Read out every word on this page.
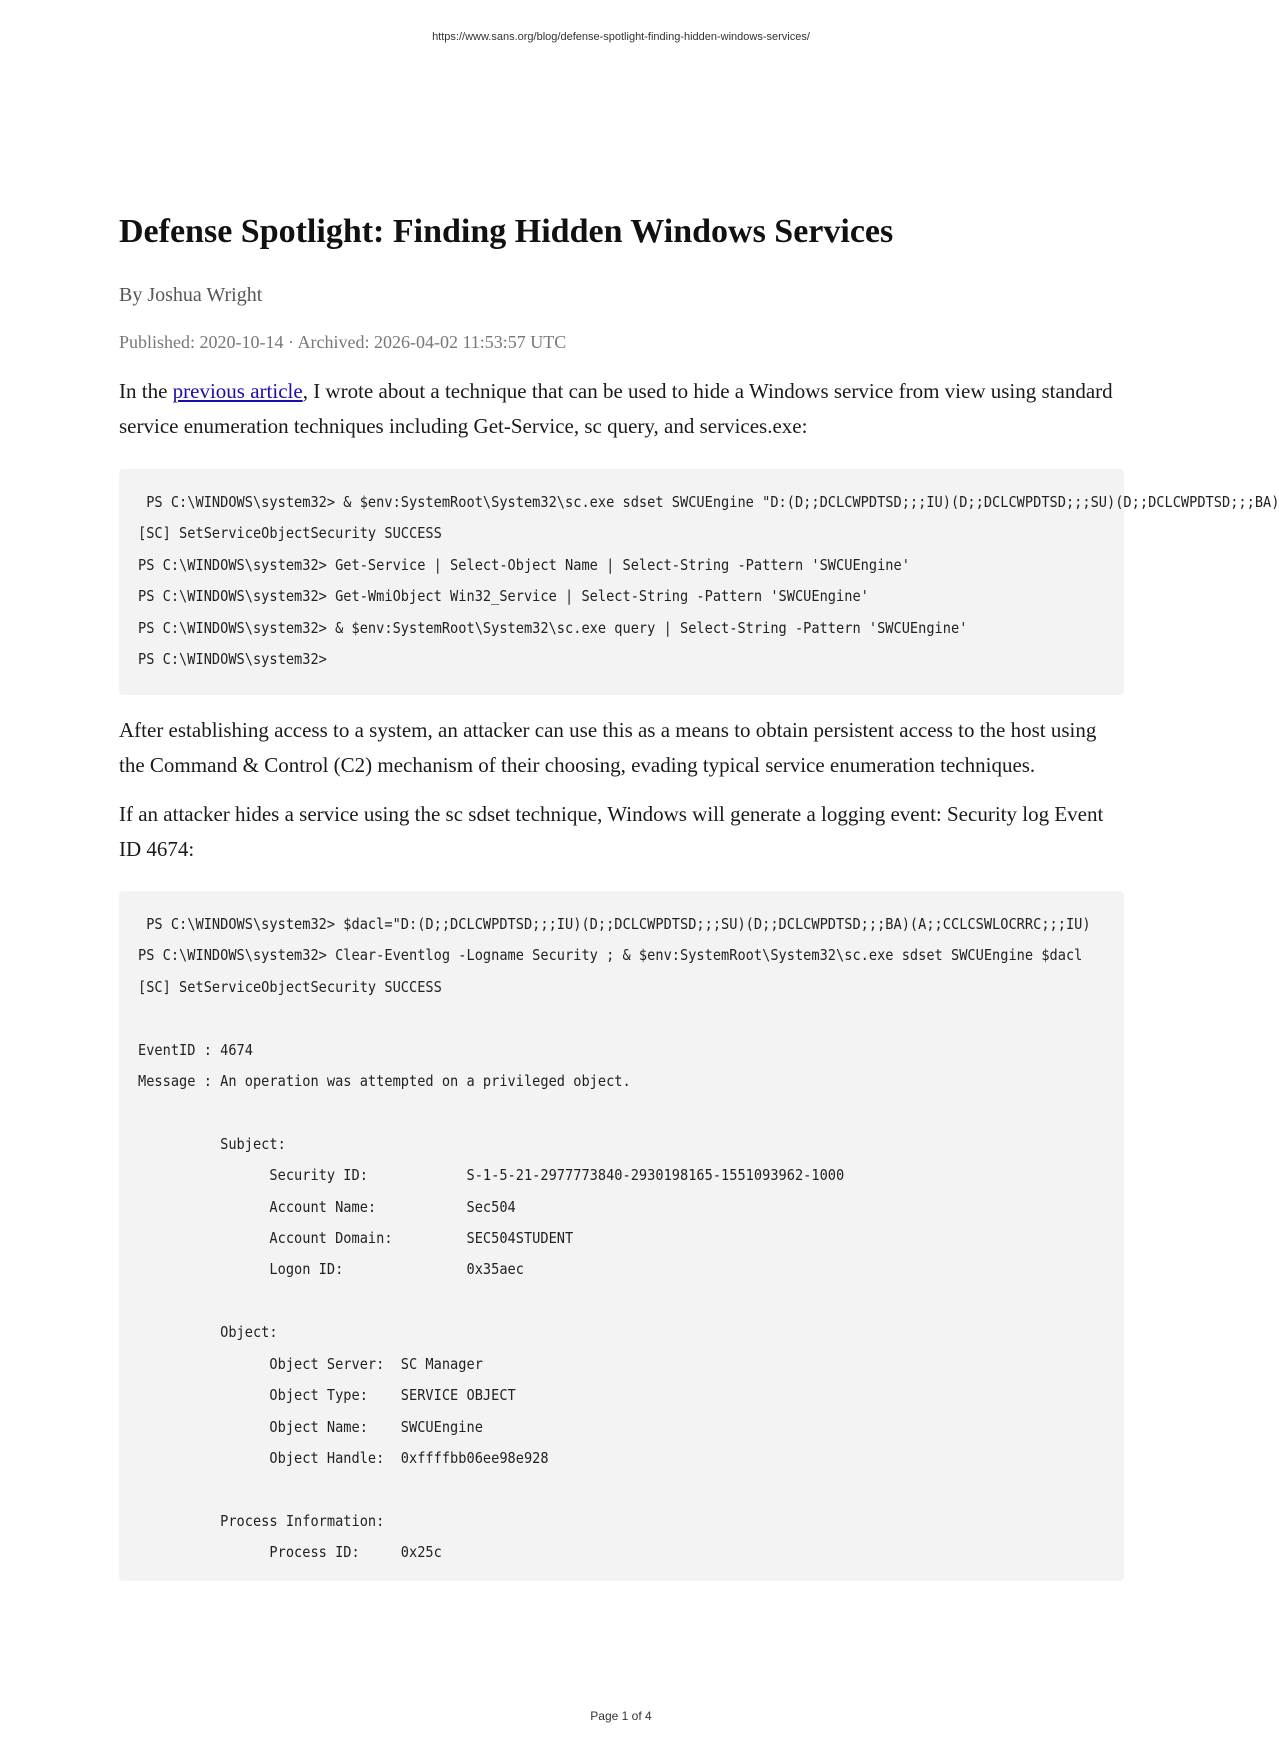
https://www.sans.org/blog/defense-spotlight-finding-hidden-windows-services/
Defense Spotlight: Finding Hidden Windows Services
By Joshua Wright
Published: 2020-10-14 · Archived: 2026-04-02 11:53:57 UTC

In the previous article, I wrote about a technique that can be used to hide a Windows service from view using standard service enumeration techniques including Get-Service, sc query, and services.exe:

PS C:\WINDOWS\system32> & $env:SystemRoot\System32\sc.exe sdset SWCUEngine "D:(D;;DCLCWPDTSD;;;IU)(D;;DCLCWPDTSD;;;SU)(D;;DCLCWPDTSD;;;BA)
[SC] SetServiceObjectSecurity SUCCESS
PS C:\WINDOWS\system32> Get-Service | Select-Object Name | Select-String -Pattern 'SWCUEngine'
PS C:\WINDOWS\system32> Get-WmiObject Win32_Service | Select-String -Pattern 'SWCUEngine'
PS C:\WINDOWS\system32> & $env:SystemRoot\System32\sc.exe query | Select-String -Pattern 'SWCUEngine'
PS C:\WINDOWS\system32>

After establishing access to a system, an attacker can use this as a means to obtain persistent access to the host using the Command & Control (C2) mechanism of their choosing, evading typical service enumeration techniques.

If an attacker hides a service using the sc sdset technique, Windows will generate a logging event: Security log Event ID 4674:

PS C:\WINDOWS\system32> $dacl="D:(D;;DCLCWPDTSD;;;IU)(D;;DCLCWPDTSD;;;SU)(D;;DCLCWPDTSD;;;BA)(A;;CCLCSWLOCRRC;;;IU)
PS C:\WINDOWS\system32> Clear-Eventlog -Logname Security ; & $env:SystemRoot\System32\sc.exe sdset SWCUEngine $dacl
[SC] SetServiceObjectSecurity SUCCESS

EventID : 4674
Message : An operation was attempted on a privileged object.

Subject:
Security ID:            S-1-5-21-2977773840-2930198165-1551093962-1000
Account Name:           Sec504
Account Domain:         SEC504STUDENT
Logon ID:               0x35aec

Object:
Object Server:  SC Manager
Object Type:    SERVICE OBJECT
Object Name:    SWCUEngine
Object Handle:  0xffffbb06ee98e928

Process Information:
Process ID:     0x25c
Page 1 of 4
